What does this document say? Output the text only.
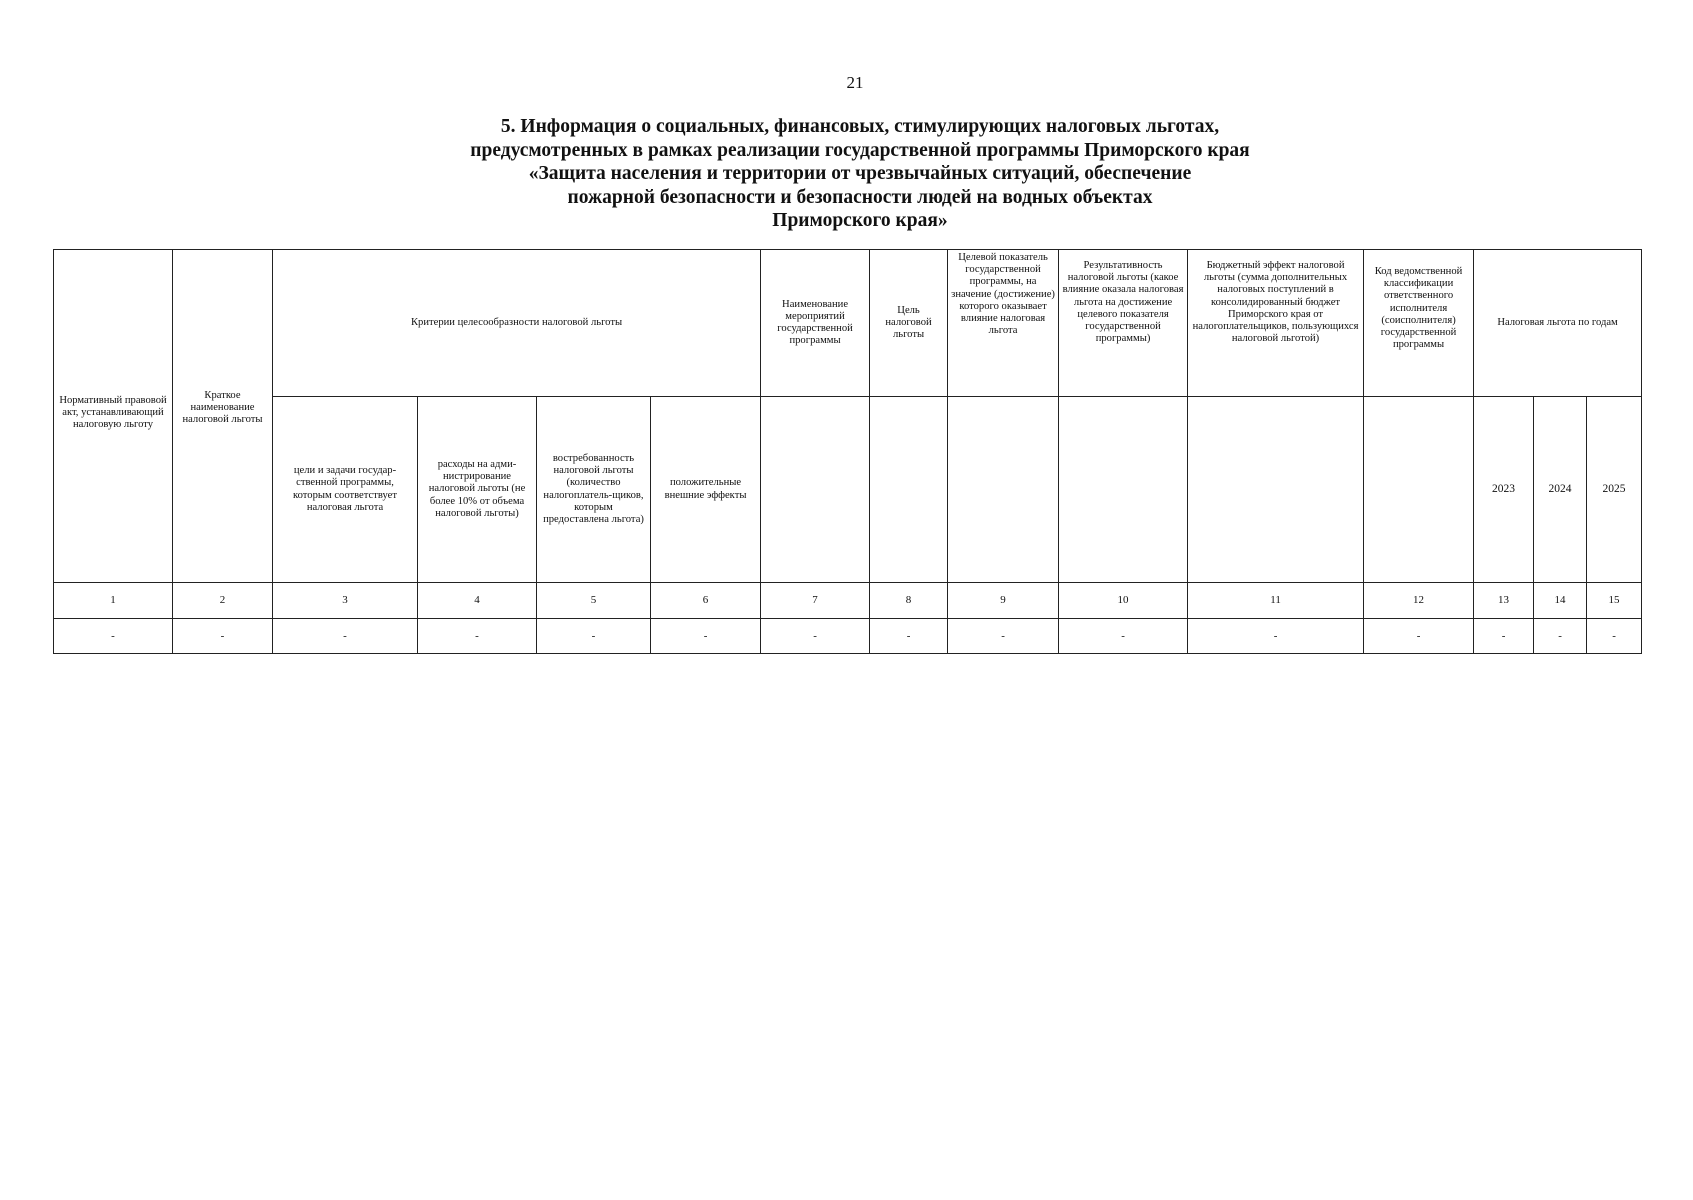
21
5. Информация о социальных, финансовых, стимулирующих налоговых льготах,
предусмотренных в рамках реализации государственной программы Приморского края
«Защита населения и территории от чрезвычайных ситуаций, обеспечение
пожарной безопасности и безопасности людей на водных объектах
Приморского края»
Нормативный правовой акт, устанавливающий налоговую льготу	Краткое наименование налоговой льготы	Критерии целесообразности налоговой льготы				Наименование мероприятий государственной программы	Цель налоговой льготы	Целевой показатель государственной программы, на значение (достижение) которого оказывает влияние налоговая льгота	Результативность налоговой льготы (какое влияние оказала налоговая льгота на достижение целевого показателя государственной программы)	Бюджетный эффект налоговой льготы (сумма дополнительных налоговых поступлений в консолидированный бюджет Приморского края от налогоплательщиков, пользующихся налоговой льготой)	Код ведомственной классификации ответственного исполнителя (соисполнителя) государственной программы	Налоговая льгота по годам		
		цели и задачи государ-ственной программы, которым соответствует налоговая льгота	расходы на адми-нистрирование налоговой льготы (не более 10% от объема налоговой льготы)	востребованность налоговой льготы (количество налогоплатель-щиков, которым предоставлена льгота)	положительные внешние эффекты							2023	2024	2025
1	2	3	4	5	6	7	8	9	10	11	12	13	14	15
-	-	-	-	-	-	-	-	-	-	-	-	-	-	-
